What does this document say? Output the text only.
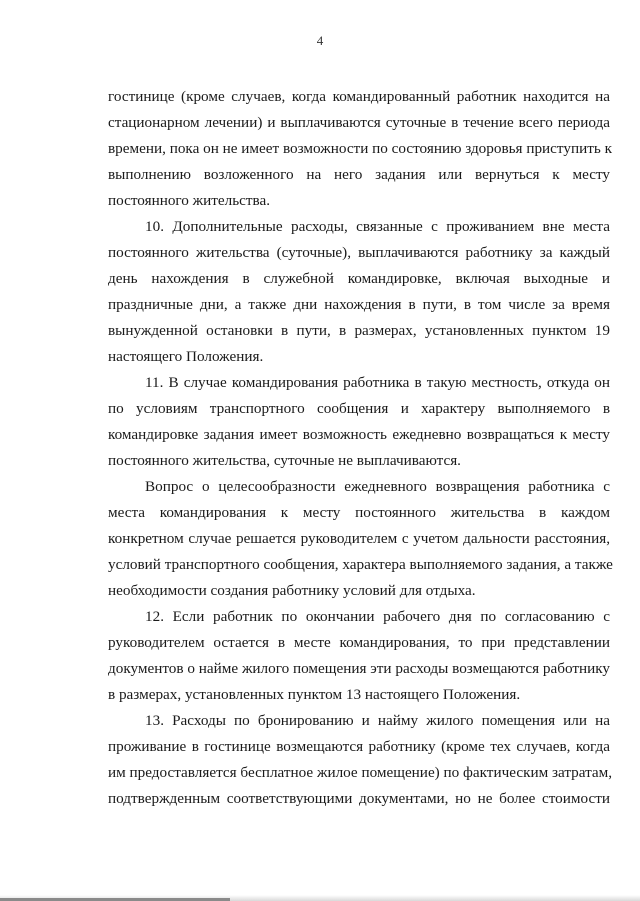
4
гостинице (кроме случаев, когда командированный работник находится на
стационарном лечении) и выплачиваются суточные в течение всего периода
времени, пока он не имеет возможности по состоянию здоровья приступить к
выполнению возложенного на него задания или вернуться к месту
постоянного жительства.
10. Дополнительные расходы, связанные с проживанием вне места
постоянного жительства (суточные), выплачиваются работнику за каждый
день нахождения в служебной командировке, включая выходные и
праздничные дни, а также дни нахождения в пути, в том числе за время
вынужденной остановки в пути, в размерах, установленных пунктом 19
настоящего Положения.
11. В случае командирования работника в такую местность, откуда он
по условиям транспортного сообщения и характеру выполняемого в
командировке задания имеет возможность ежедневно возвращаться к месту
постоянного жительства, суточные не выплачиваются.
Вопрос о целесообразности ежедневного возвращения работника с
места командирования к месту постоянного жительства в каждом
конкретном случае решается руководителем с учетом дальности расстояния,
условий транспортного сообщения, характера выполняемого задания, а также
необходимости создания работнику условий для отдыха.
12. Если работник по окончании рабочего дня по согласованию с
руководителем остается в месте командирования, то при представлении
документов о найме жилого помещения эти расходы возмещаются работнику
в размерах, установленных пунктом 13 настоящего Положения.
13. Расходы по бронированию и найму жилого помещения или на
проживание в гостинице возмещаются работнику (кроме тех случаев, когда
им предоставляется бесплатное жилое помещение) по фактическим затратам,
подтвержденным соответствующими документами, но не более стоимости
